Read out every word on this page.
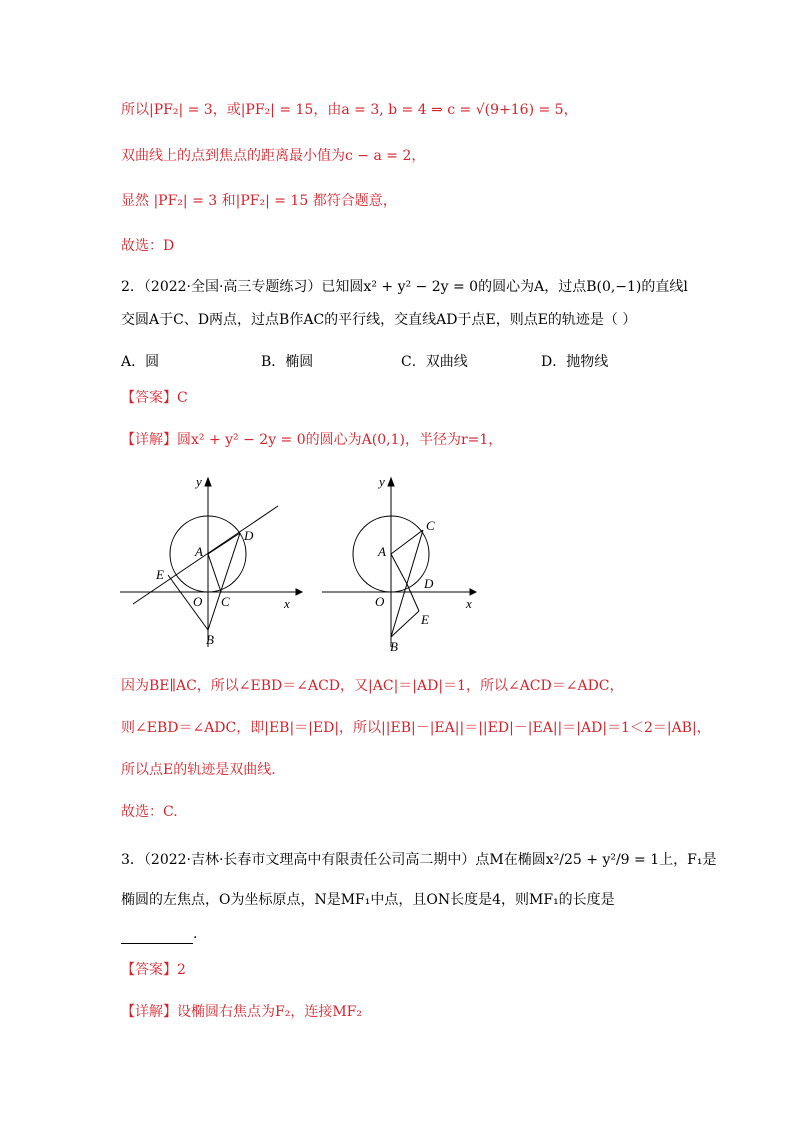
所以|PF₂| = 3，或|PF₂| = 15，由a = 3, b = 4 ⇒ c = √(9+16) = 5，
双曲线上的点到焦点的距离最小值为c − a = 2，
显然 |PF₂| = 3 和|PF₂| = 15 都符合题意，
故选：D
2．（2022·全国·高三专题练习）已知圆x² + y² − 2y = 0的圆心为A，过点B(0,−1)的直线l
交圆A于C、D两点，过点B作AC的平行线，交直线AD于点E，则点E的轨迹是（ ）
A．圆	B．椭圆	C．双曲线	D．抛物线
【答案】C
【详解】圆x² + y² − 2y = 0的圆心为A(0,1)，半径为r=1，
y
x
O
A
B
C
D
E
y
x
O
A
B
C
D
E
因为BE∥AC，所以∠EBD＝∠ACD，又|AC|＝|AD|＝1，所以∠ACD＝∠ADC，
则∠EBD＝∠ADC，即|EB|＝|ED|，所以||EB|－|EA||＝||ED|－|EA||＝|AD|＝1＜2＝|AB|，
所以点E的轨迹是双曲线.
故选：C.
3．（2022·吉林·长春市文理高中有限责任公司高二期中）点M在椭圆x²/25 + y²/9 = 1上，F₁是
椭圆的左焦点，O为坐标原点，N是MF₁中点，且ON长度是4，则MF₁的长度是
.
【答案】2
【详解】设椭圆右焦点为F₂，连接MF₂
